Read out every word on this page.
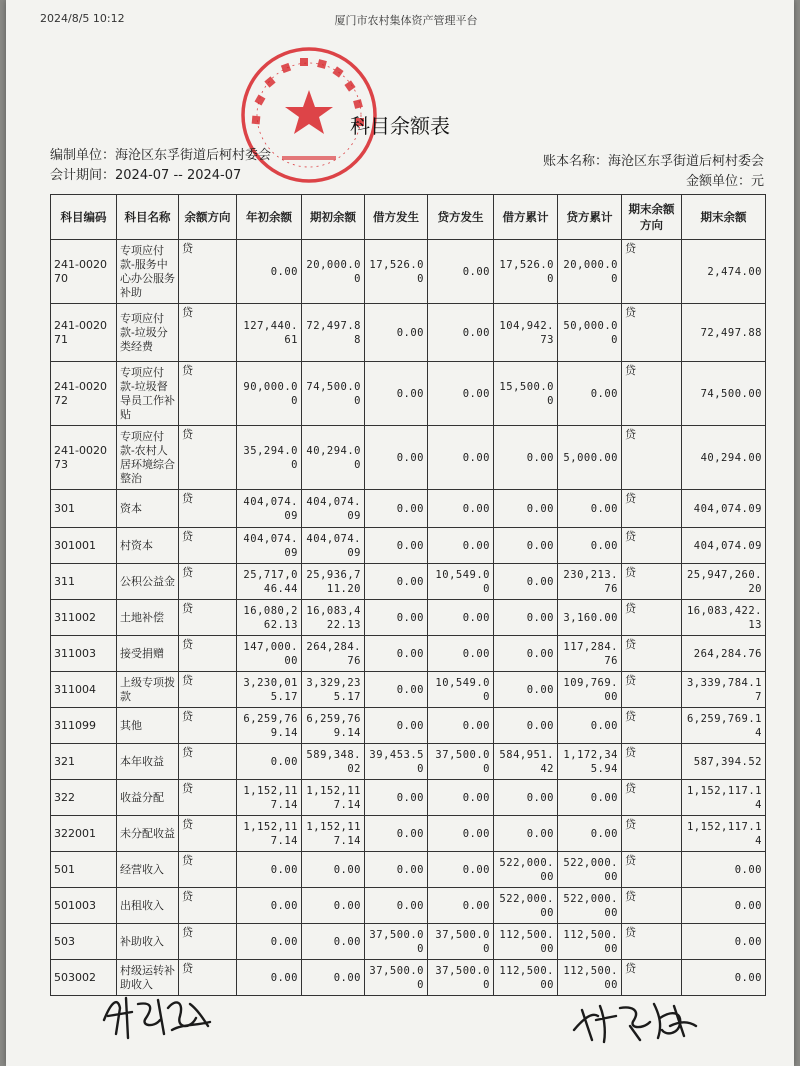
2024/8/5 10:12	厦门市农村集体资产管理平台
科目余额表
编制单位：海沧区东孚街道后柯村委会
会计期间：2024-07 -- 2024-07
账本名称：海沧区东孚街道后柯村委会
金额单位：元
科目编码	科目名称	余额方向	年初余额	期初余额	借方发生	贷方发生	借方累计	贷方累计	期末余额方向	期末余额
241-002070	专项应付款-服务中心办公服务补助	贷	0.00	20,000.00	17,526.00	0.00	17,526.00	20,000.00	贷	2,474.00
241-002071	专项应付款-垃圾分类经费	贷	127,440.61	72,497.88	0.00	0.00	104,942.73	50,000.00	贷	72,497.88
241-002072	专项应付款-垃圾督导员工作补贴	贷	90,000.00	74,500.00	0.00	0.00	15,500.00	0.00	贷	74,500.00
241-002073	专项应付款-农村人居环境综合整治	贷	35,294.00	40,294.00	0.00	0.00	0.00	5,000.00	贷	40,294.00
301	资本	贷	404,074.09	404,074.09	0.00	0.00	0.00	0.00	贷	404,074.09
301001	村资本	贷	404,074.09	404,074.09	0.00	0.00	0.00	0.00	贷	404,074.09
311	公积公益金	贷	25,717,046.44	25,936,711.20	0.00	10,549.00	0.00	230,213.76	贷	25,947,260.20
311002	土地补偿	贷	16,080,262.13	16,083,422.13	0.00	0.00	0.00	3,160.00	贷	16,083,422.13
311003	接受捐赠	贷	147,000.00	264,284.76	0.00	0.00	0.00	117,284.76	贷	264,284.76
311004	上级专项拨款	贷	3,230,015.17	3,329,235.17	0.00	10,549.00	0.00	109,769.00	贷	3,339,784.17
311099	其他	贷	6,259,769.14	6,259,769.14	0.00	0.00	0.00	0.00	贷	6,259,769.14
321	本年收益	贷	0.00	589,348.02	39,453.50	37,500.00	584,951.42	1,172,345.94	贷	587,394.52
322	收益分配	贷	1,152,117.14	1,152,117.14	0.00	0.00	0.00	0.00	贷	1,152,117.14
322001	未分配收益	贷	1,152,117.14	1,152,117.14	0.00	0.00	0.00	0.00	贷	1,152,117.14
501	经营收入	贷	0.00	0.00	0.00	0.00	522,000.00	522,000.00	贷	0.00
501003	出租收入	贷	0.00	0.00	0.00	0.00	522,000.00	522,000.00	贷	0.00
503	补助收入	贷	0.00	0.00	37,500.00	37,500.00	112,500.00	112,500.00	贷	0.00
503002	村级运转补助收入	贷	0.00	0.00	37,500.00	37,500.00	112,500.00	112,500.00	贷	0.00
